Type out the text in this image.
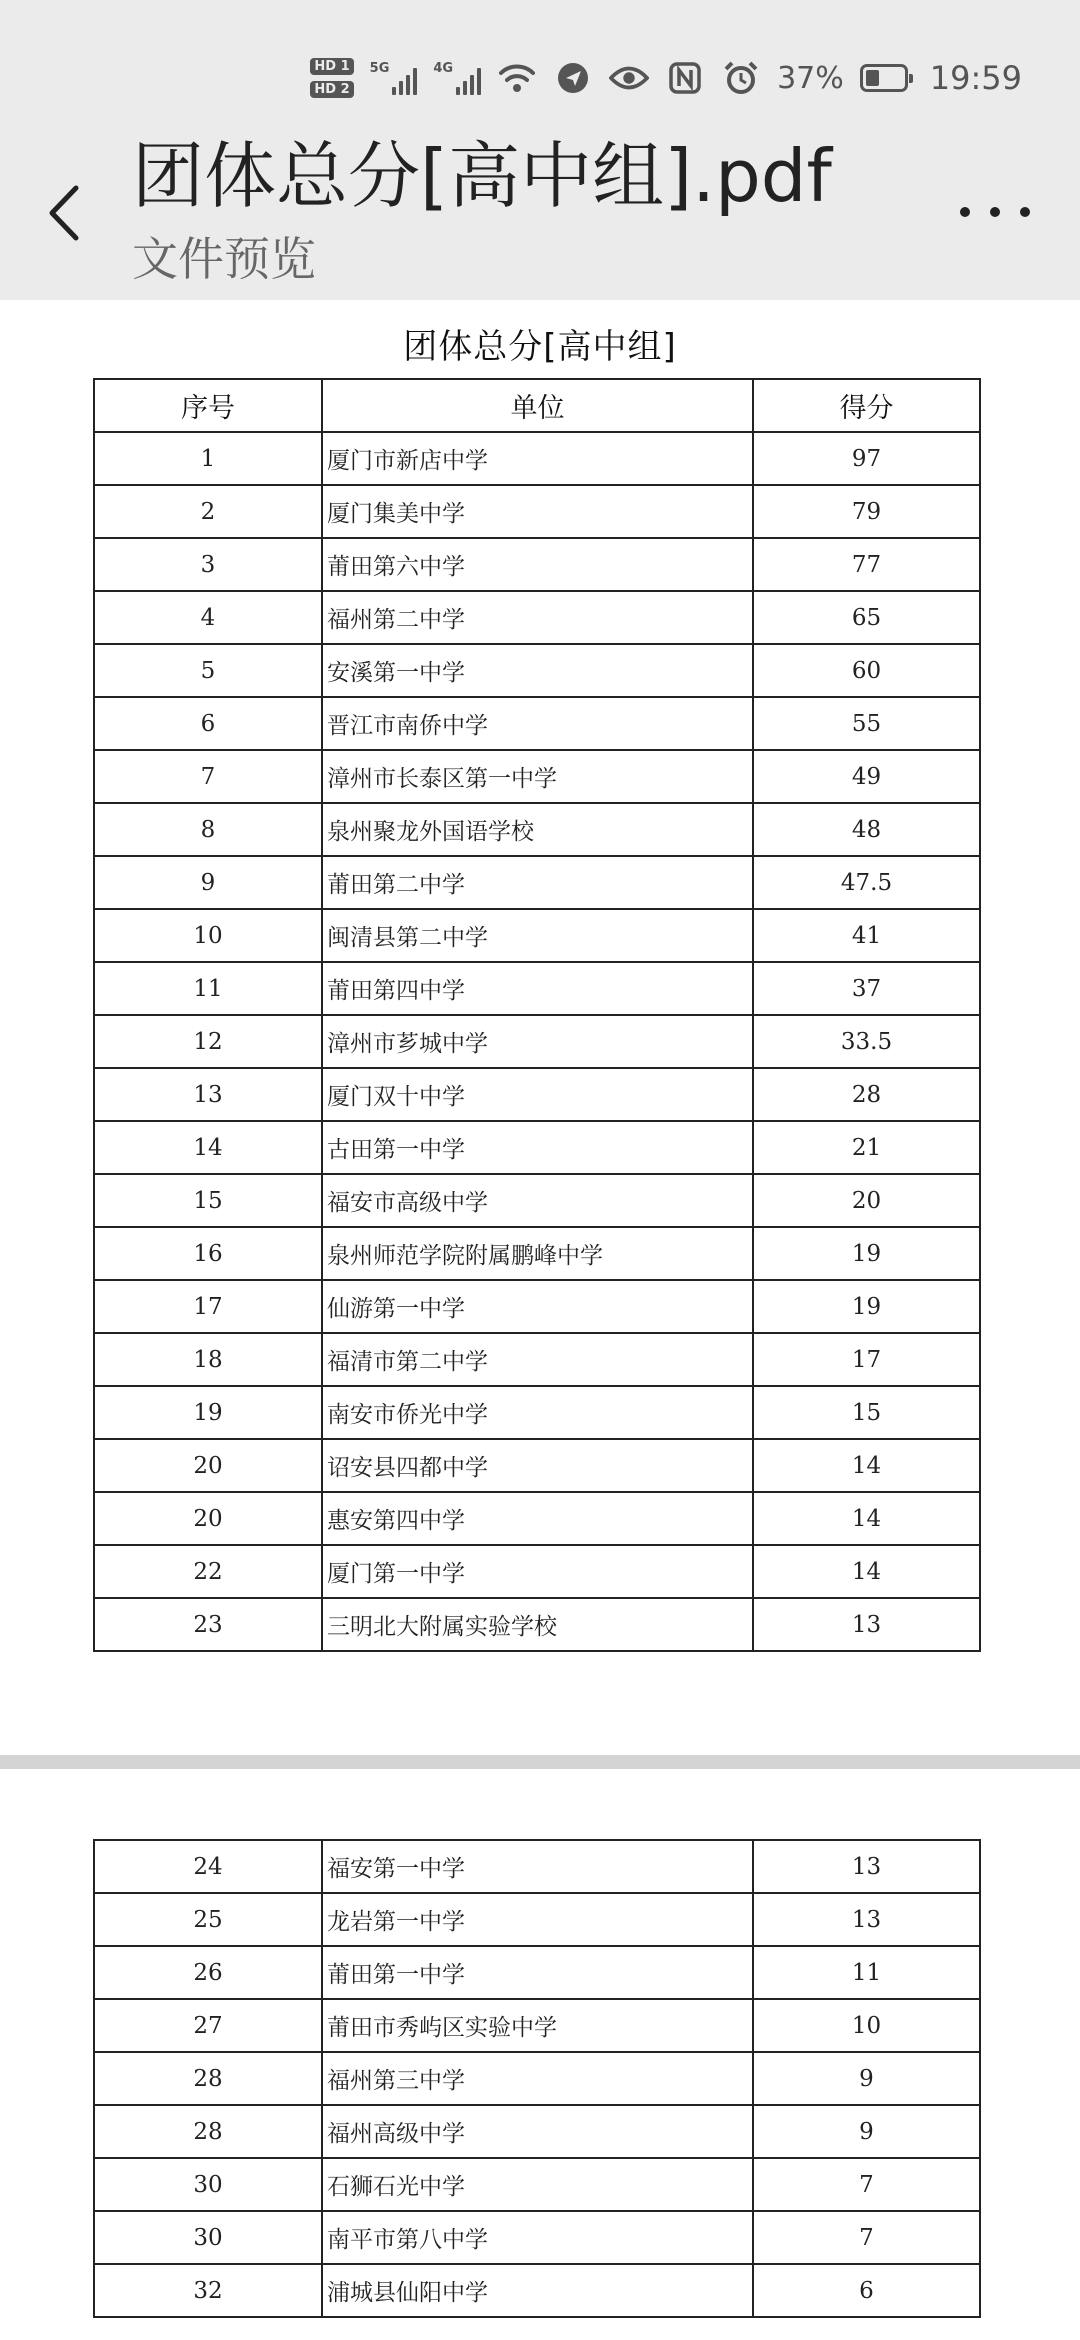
HD 1
HD 2
5G	4G	37%	19:59
团体总分[高中组].pdf
文件预览
团体总分[高中组]
序号	单位	得分
1	厦门市新店中学	97
2	厦门集美中学	79
3	莆田第六中学	77
4	福州第二中学	65
5	安溪第一中学	60
6	晋江市南侨中学	55
7	漳州市长泰区第一中学	49
8	泉州聚龙外国语学校	48
9	莆田第二中学	47.5
10	闽清县第二中学	41
11	莆田第四中学	37
12	漳州市芗城中学	33.5
13	厦门双十中学	28
14	古田第一中学	21
15	福安市高级中学	20
16	泉州师范学院附属鹏峰中学	19
17	仙游第一中学	19
18	福清市第二中学	17
19	南安市侨光中学	15
20	诏安县四都中学	14
20	惠安第四中学	14
22	厦门第一中学	14
23	三明北大附属实验学校	13
24	福安第一中学	13
25	龙岩第一中学	13
26	莆田第一中学	11
27	莆田市秀屿区实验中学	10
28	福州第三中学	9
28	福州高级中学	9
30	石狮石光中学	7
30	南平市第八中学	7
32	浦城县仙阳中学	6
